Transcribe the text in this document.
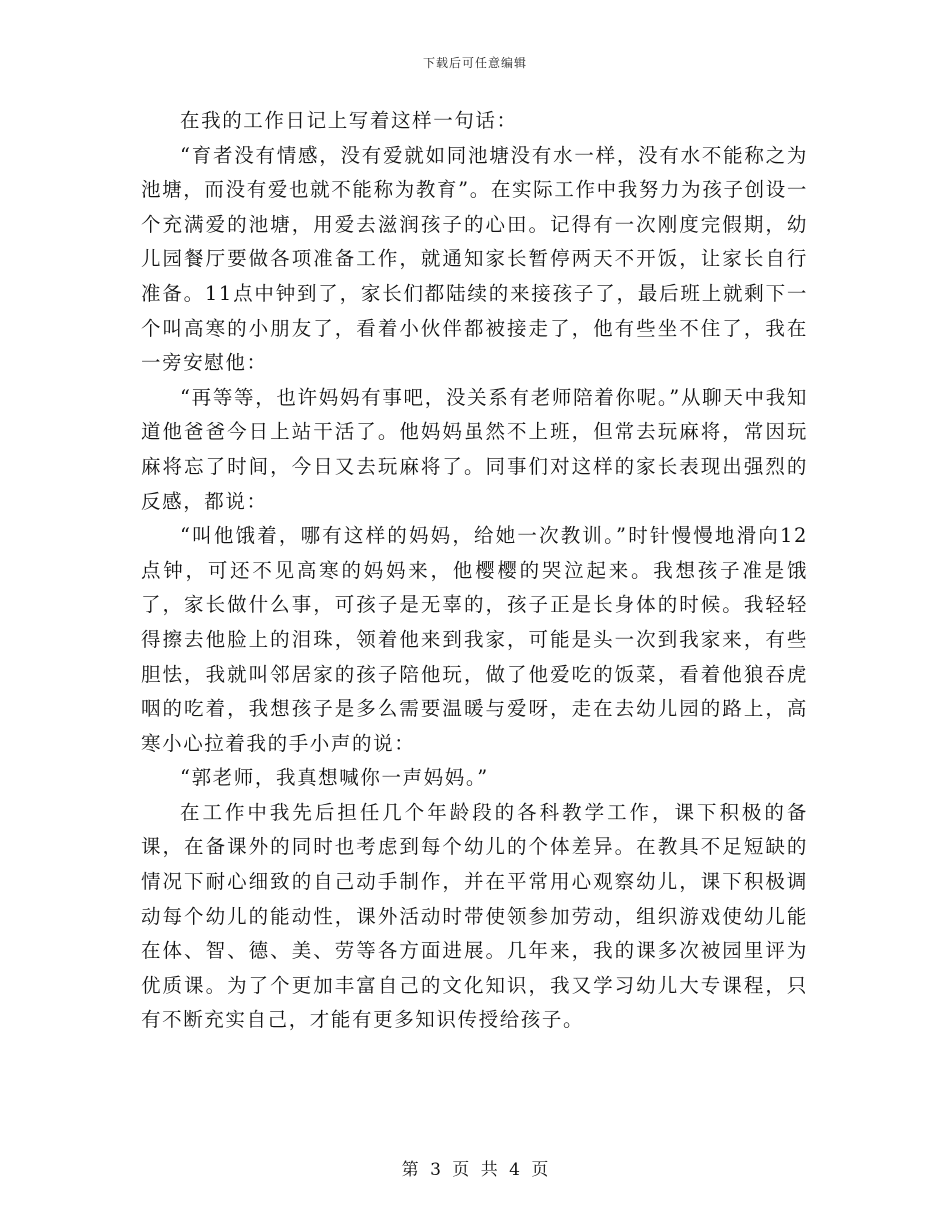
下载后可任意编辑

在我的工作日记上写着这样一句话：

“育者没有情感，没有爱就如同池塘没有水一样，没有水不能称之为池塘，而没有爱也就不能称为教育”。在实际工作中我努力为孩子创设一个充满爱的池塘，用爱去滋润孩子的心田。记得有一次刚度完假期，幼儿园餐厅要做各项准备工作，就通知家长暂停两天不开饭，让家长自行准备。11点中钟到了，家长们都陆续的来接孩子了，最后班上就剩下一个叫高寒的小朋友了，看着小伙伴都被接走了，他有些坐不住了，我在一旁安慰他：

“再等等，也许妈妈有事吧，没关系有老师陪着你呢。”从聊天中我知道他爸爸今日上站干活了。他妈妈虽然不上班，但常去玩麻将，常因玩麻将忘了时间，今日又去玩麻将了。同事们对这样的家长表现出强烈的反感，都说：

“叫他饿着，哪有这样的妈妈，给她一次教训。”时针慢慢地滑向12点钟，可还不见高寒的妈妈来，他樱樱的哭泣起来。我想孩子准是饿了，家长做什么事，可孩子是无辜的，孩子正是长身体的时候。我轻轻得擦去他脸上的泪珠，领着他来到我家，可能是头一次到我家来，有些胆怯，我就叫邻居家的孩子陪他玩，做了他爱吃的饭菜，看着他狼吞虎咽的吃着，我想孩子是多么需要温暖与爱呀，走在去幼儿园的路上，高寒小心拉着我的手小声的说：

“郭老师，我真想喊你一声妈妈。”

在工作中我先后担任几个年龄段的各科教学工作，课下积极的备课，在备课外的同时也考虑到每个幼儿的个体差异。在教具不足短缺的情况下耐心细致的自己动手制作，并在平常用心观察幼儿，课下积极调动每个幼儿的能动性，课外活动时带使领参加劳动，组织游戏使幼儿能在体、智、德、美、劳等各方面进展。几年来，我的课多次被园里评为优质课。为了个更加丰富自己的文化知识，我又学习幼儿大专课程，只有不断充实自己，才能有更多知识传授给孩子。

第 3 页 共 4 页
